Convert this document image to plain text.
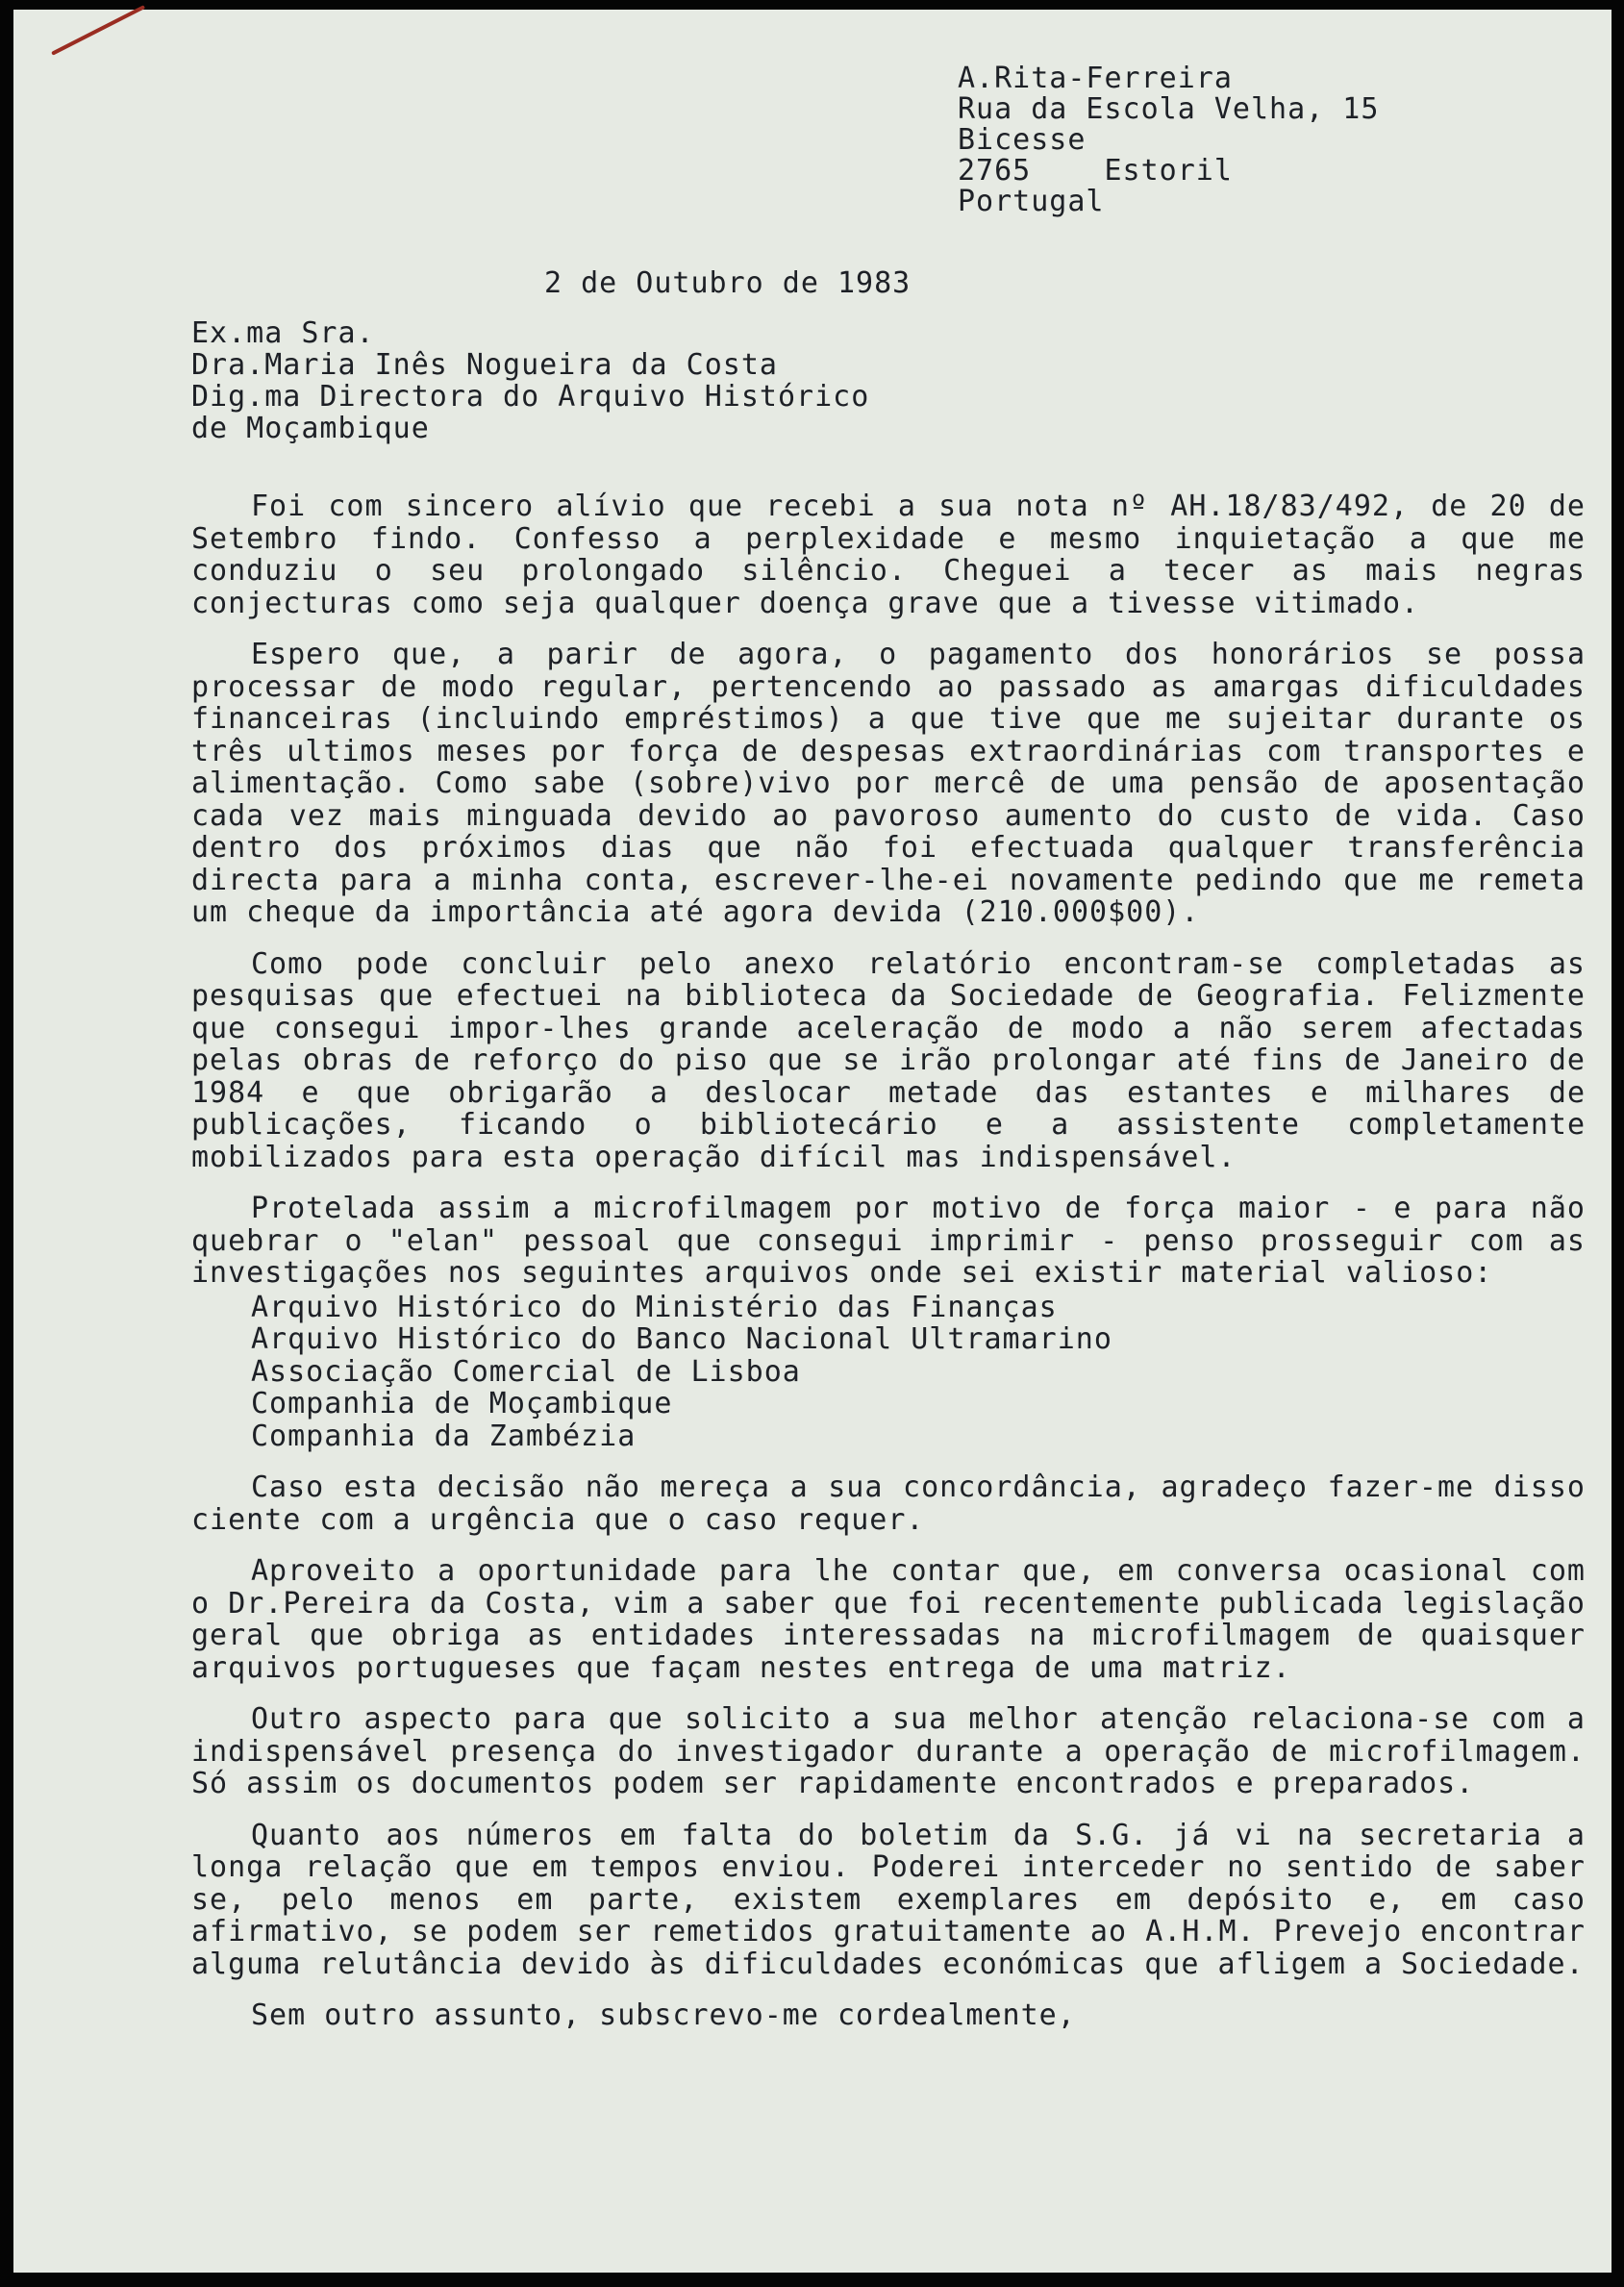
A.Rita-Ferreira
Rua da Escola Velha, 15
Bicesse
2765    Estoril
Portugal
2 de Outubro de 1983
Ex.ma Sra.
Dra.Maria Inês Nogueira da Costa
Dig.ma Directora do Arquivo Histórico
de Moçambique

Foi com sincero alívio que recebi a sua nota nº AH.18/83/492, de 20 de Setembro findo. Confesso a perplexidade e mesmo inquietação a que me conduziu o seu prolongado silêncio. Cheguei a tecer as mais negras conjecturas como seja qualquer doença grave que a tivesse vitimado.

Espero que, a parir de agora, o pagamento dos honorários se possa processar de modo regular, pertencendo ao passado as amargas dificuldades financeiras (incluindo empréstimos) a que tive que me sujeitar durante os três ultimos meses por força de despesas extraordinárias com transportes e alimentação. Como sabe (sobre)vivo por mercê de uma pensão de aposentação cada vez mais minguada devido ao pavoroso aumento do custo de vida. Caso dentro dos próximos dias que não foi efectuada qualquer transferência directa para a minha conta, escrever-lhe-ei novamente pedindo que me remeta um cheque da importância até agora devida (210.000$00).

Como pode concluir pelo anexo relatório encontram-se completadas as pesquisas que efectuei na biblioteca da Sociedade de Geografia. Felizmente que consegui impor-lhes grande aceleração de modo a não serem afectadas pelas obras de reforço do piso que se irão prolongar até fins de Janeiro de 1984 e que obrigarão a deslocar metade das estantes e milhares de publicações, ficando o bibliotecário e a assistente completamente mobilizados para esta operação difícil mas indispensável.

Protelada assim a microfilmagem por motivo de força maior - e para não quebrar o "elan" pessoal que consegui imprimir - penso prosseguir com as investigações nos seguintes arquivos onde sei existir material valioso:

Arquivo Histórico do Ministério das Finanças
Arquivo Histórico do Banco Nacional Ultramarino
Associação Comercial de Lisboa
Companhia de Moçambique
Companhia da Zambézia

Caso esta decisão não mereça a sua concordância, agradeço fazer-me disso ciente com a urgência que o caso requer.

Aproveito a oportunidade para lhe contar que, em conversa ocasional com o Dr.Pereira da Costa, vim a saber que foi recentemente publicada legislação geral que obriga as entidades interessadas na microfilmagem de quaisquer arquivos portugueses que façam nestes entrega de uma matriz.

Outro aspecto para que solicito a sua melhor atenção relaciona-se com a indispensável presença do investigador durante a operação de microfilmagem. Só assim os documentos podem ser rapidamente encontrados e preparados.

Quanto aos números em falta do boletim da S.G. já vi na secretaria a longa relação que em tempos enviou. Poderei interceder no sentido de saber se, pelo menos em parte, existem exemplares em depósito e, em caso afirmativo, se podem ser remetidos gratuitamente ao A.H.M. Prevejo encontrar alguma relutância devido às dificuldades económicas que afligem a Sociedade.

Sem outro assunto, subscrevo-me cordealmente,
